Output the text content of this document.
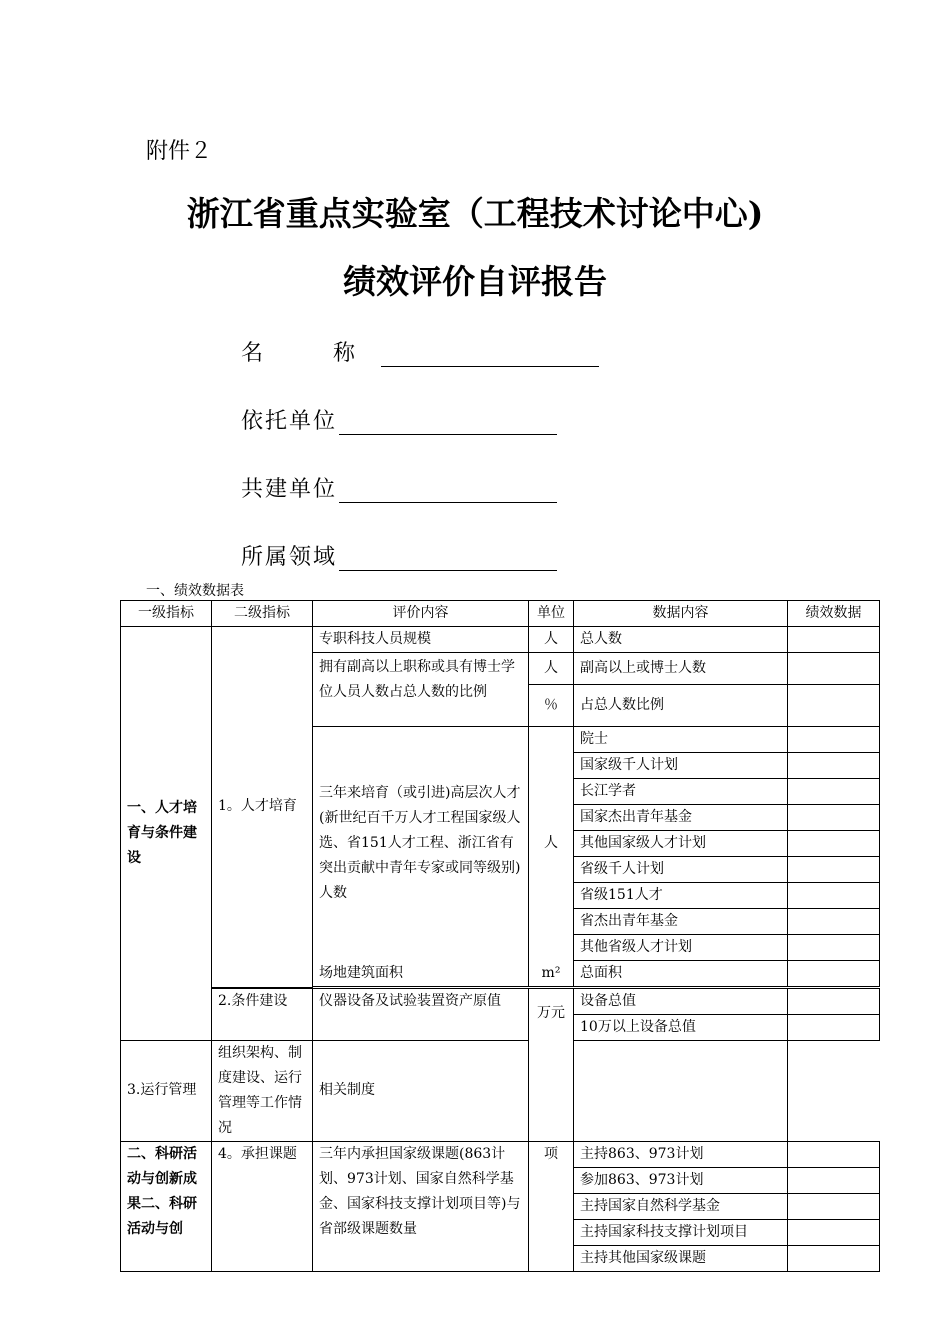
附件２
浙江省重点实验室（工程技术讨论中心)
绩效评价自评报告
名　称
依托单位
共建单位
所属领域
一、绩效数据表
一级指标	二级指标	评价内容	单位	数据内容	绩效数据
一、人才培育与条件建设	1。人才培育	专职科技人员规模	人	总人数	
		拥有副高以上职称或具有博士学位人员人数占总人数的比例	人	副高以上或博士人数	
			％	占总人数比例	
		三年来培育（或引进)高层次人才(新世纪百千万人才工程国家级人选、省151人才工程、浙江省有突出贡献中青年专家或同等级别)人数	人	院士	
				国家级千人计划	
				长江学者	
				国家杰出青年基金	
				其他国家级人才计划	
				省级千人计划	
				省级151人才	
				省杰出青年基金	
				其他省级人才计划	
		场地建筑面积	m²	总面积	

	2.条件建设	仪器设备及试验装置资产原值	万元	设备总值	
				10万以上设备总值	
3.运行管理	组织架构、制度建设、运行管理等工作情况	相关制度			
二、科研活动与创新成果二、科研活动与创	4。承担课题	三年内承担国家级课题(863计划、973计划、国家自然科学基金、国家科技支撑计划项目等)与省部级课题数量	项	主持863、973计划	
				参加863、973计划	
				主持国家自然科学基金	
				主持国家科技支撑计划项目	
				主持其他国家级课题	
